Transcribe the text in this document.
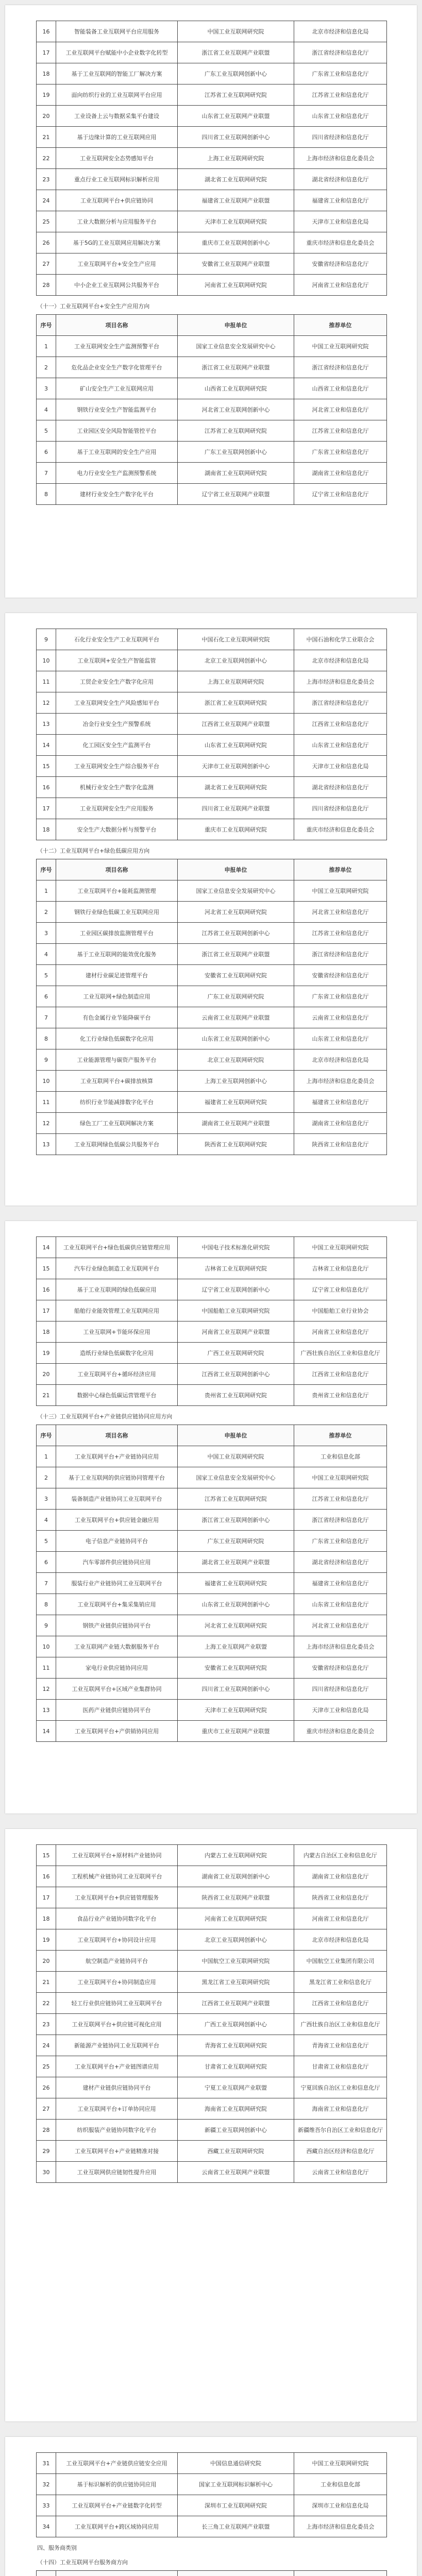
16	智能装备工业互联网平台应用服务	中国工业互联网研究院	北京市经济和信息化局
17	工业互联网平台赋能中小企业数字化转型	浙江省工业互联网产业联盟	浙江省经济和信息化厅
18	基于工业互联网的智能工厂解决方案	广东工业互联网创新中心	广东省工业和信息化厅
19	面向纺织行业的工业互联网平台应用	江苏省工业互联网研究院	江苏省工业和信息化厅
20	工业设备上云与数据采集平台建设	山东省工业互联网产业联盟	山东省工业和信息化厅
21	基于边缘计算的工业互联网应用	四川省工业互联网创新中心	四川省经济和信息化厅
22	工业互联网安全态势感知平台	上海工业互联网研究院	上海市经济和信息化委员会
23	重点行业工业互联网标识解析应用	湖北省工业互联网研究院	湖北省经济和信息化厅
24	工业互联网平台+供应链协同	福建省工业互联网产业联盟	福建省工业和信息化厅
25	工业大数据分析与应用服务平台	天津市工业互联网研究院	天津市工业和信息化局
26	基于5G的工业互联网应用解决方案	重庆市工业互联网创新中心	重庆市经济和信息化委员会
27	工业互联网平台+安全生产应用	安徽省工业互联网产业联盟	安徽省经济和信息化厅
28	中小企业工业互联网公共服务平台	河南省工业互联网研究院	河南省工业和信息化厅
（十一）工业互联网平台+安全生产应用方向
序号	项目名称	申报单位	推荐单位
1	工业互联网安全生产监测预警平台	国家工业信息安全发展研究中心	中国工业互联网研究院
2	危化品企业安全生产数字化管理平台	浙江省工业互联网产业联盟	浙江省经济和信息化厅
3	矿山安全生产工业互联网应用	山西省工业互联网研究院	山西省工业和信息化厅
4	钢铁行业安全生产智能监测平台	河北省工业互联网创新中心	河北省工业和信息化厅
5	工业园区安全风险智能管控平台	江苏省工业互联网研究院	江苏省工业和信息化厅
6	基于工业互联网的安全生产应用	广东工业互联网创新中心	广东省工业和信息化厅
7	电力行业安全生产监测预警系统	湖南省工业互联网研究院	湖南省工业和信息化厅
8	建材行业安全生产数字化平台	辽宁省工业互联网产业联盟	辽宁省工业和信息化厅
9	石化行业安全生产工业互联网平台	中国石化工业互联网研究院	中国石油和化学工业联合会
10	工业互联网+安全生产智能监管	北京工业互联网创新中心	北京市经济和信息化局
11	工贸企业安全生产数字化应用	上海工业互联网研究院	上海市经济和信息化委员会
12	工业互联网安全生产风险感知平台	浙江省工业互联网研究院	浙江省经济和信息化厅
13	冶金行业安全生产预警系统	江西省工业互联网产业联盟	江西省工业和信息化厅
14	化工园区安全生产监测平台	山东省工业互联网研究院	山东省工业和信息化厅
15	工业互联网安全生产综合服务平台	天津市工业互联网创新中心	天津市工业和信息化局
16	机械行业安全生产数字化监测	湖北省工业互联网研究院	湖北省经济和信息化厅
17	工业互联网安全生产应用服务	四川省工业互联网产业联盟	四川省经济和信息化厅
18	安全生产大数据分析与预警平台	重庆市工业互联网研究院	重庆市经济和信息化委员会
（十二）工业互联网平台+绿色低碳应用方向
序号	项目名称	申报单位	推荐单位
1	工业互联网平台+能耗监测管理	国家工业信息安全发展研究中心	中国工业互联网研究院
2	钢铁行业绿色低碳工业互联网应用	河北省工业互联网研究院	河北省工业和信息化厅
3	工业园区碳排放监测管理平台	江苏省工业互联网创新中心	江苏省工业和信息化厅
4	基于工业互联网的能效优化服务	浙江省工业互联网产业联盟	浙江省经济和信息化厅
5	建材行业碳足迹管理平台	安徽省工业互联网研究院	安徽省经济和信息化厅
6	工业互联网+绿色制造应用	广东工业互联网研究院	广东省工业和信息化厅
7	有色金属行业节能降碳平台	云南省工业互联网产业联盟	云南省工业和信息化厅
8	化工行业绿色低碳数字化应用	山东省工业互联网创新中心	山东省工业和信息化厅
9	工业能源管理与碳资产服务平台	北京工业互联网研究院	北京市经济和信息化局
10	工业互联网平台+碳排放核算	上海工业互联网创新中心	上海市经济和信息化委员会
11	纺织行业节能减排数字化平台	福建省工业互联网研究院	福建省工业和信息化厅
12	绿色工厂工业互联网解决方案	湖南省工业互联网产业联盟	湖南省工业和信息化厅
13	工业互联网绿色低碳公共服务平台	陕西省工业互联网研究院	陕西省工业和信息化厅
14	工业互联网平台+绿色低碳供应链管理应用	中国电子技术标准化研究院	中国工业互联网研究院
15	汽车行业绿色制造工业互联网平台	吉林省工业互联网研究院	吉林省工业和信息化厅
16	基于工业互联网的绿色低碳应用	辽宁省工业互联网创新中心	辽宁省工业和信息化厅
17	船舶行业能效管理工业互联网应用	中国船舶工业互联网研究院	中国船舶工业行业协会
18	工业互联网+节能环保应用	河南省工业互联网产业联盟	河南省工业和信息化厅
19	造纸行业绿色低碳数字化应用	广西工业互联网研究院	广西壮族自治区工业和信息化厅
20	工业互联网平台+循环经济应用	江西省工业互联网创新中心	江西省工业和信息化厅
21	数据中心绿色低碳运营管理平台	贵州省工业互联网研究院	贵州省工业和信息化厅
（十三）工业互联网平台+产业链供应链协同应用方向
序号	项目名称	申报单位	推荐单位
1	工业互联网平台+产业链协同应用	中国工业互联网研究院	工业和信息化部
2	基于工业互联网的供应链协同管理平台	国家工业信息安全发展研究中心	中国工业互联网研究院
3	装备制造产业链协同工业互联网平台	江苏省工业互联网研究院	江苏省工业和信息化厅
4	工业互联网平台+供应链金融应用	浙江省工业互联网创新中心	浙江省经济和信息化厅
5	电子信息产业链协同平台	广东工业互联网研究院	广东省工业和信息化厅
6	汽车零部件供应链协同应用	湖北省工业互联网产业联盟	湖北省经济和信息化厅
7	服装行业产业链协同工业互联网平台	福建省工业互联网研究院	福建省工业和信息化厅
8	工业互联网平台+集采集销应用	山东省工业互联网创新中心	山东省工业和信息化厅
9	钢铁产业链供应链协同平台	河北省工业互联网研究院	河北省工业和信息化厅
10	工业互联网产业链大数据服务平台	上海工业互联网产业联盟	上海市经济和信息化委员会
11	家电行业供应链协同应用	安徽省工业互联网研究院	安徽省经济和信息化厅
12	工业互联网平台+区域产业集群协同	四川省工业互联网创新中心	四川省经济和信息化厅
13	医药产业链供应链协同平台	天津市工业互联网研究院	天津市工业和信息化局
14	工业互联网平台+产供销协同应用	重庆市工业互联网产业联盟	重庆市经济和信息化委员会
15	工业互联网平台+原材料产业链协同	内蒙古工业互联网研究院	内蒙古自治区工业和信息化厅
16	工程机械产业链协同工业互联网平台	湖南省工业互联网创新中心	湖南省工业和信息化厅
17	工业互联网平台+供应链管理服务	陕西省工业互联网产业联盟	陕西省工业和信息化厅
18	食品行业产业链协同数字化平台	河南省工业互联网研究院	河南省工业和信息化厅
19	工业互联网平台+协同设计应用	北京工业互联网创新中心	北京市经济和信息化局
20	航空制造产业链协同平台	中国航空工业互联网研究院	中国航空工业集团有限公司
21	工业互联网平台+协同制造应用	黑龙江省工业互联网研究院	黑龙江省工业和信息化厅
22	轻工行业供应链协同工业互联网平台	江西省工业互联网产业联盟	江西省工业和信息化厅
23	工业互联网平台+供应链可视化应用	广西工业互联网创新中心	广西壮族自治区工业和信息化厅
24	新能源产业链协同工业互联网平台	青海省工业互联网研究院	青海省工业和信息化厅
25	工业互联网平台+产业链图谱应用	甘肃省工业互联网研究院	甘肃省工业和信息化厅
26	建材产业链供应链协同平台	宁夏工业互联网产业联盟	宁夏回族自治区工业和信息化厅
27	工业互联网平台+订单协同应用	海南省工业互联网研究院	海南省工业和信息化厅
28	纺织服装产业链协同数字化平台	新疆工业互联网创新中心	新疆维吾尔自治区工业和信息化厅
29	工业互联网平台+产业链精准对接	西藏工业互联网研究院	西藏自治区经济和信息化厅
30	工业互联网供应链韧性提升应用	云南省工业互联网产业联盟	云南省工业和信息化厅
31	工业互联网平台+产业链供应链安全应用	中国信息通信研究院	中国工业互联网研究院
32	基于标识解析的供应链协同应用	国家工业互联网标识解析中心	工业和信息化部
33	工业互联网平台+产业链数字化转型	深圳市工业互联网研究院	深圳市工业和信息化局
34	工业互联网平台+跨区域协同应用	长三角工业互联网产业联盟	上海市经济和信息化委员会
四、服务商类别
（十四）工业互联网平台服务商方向
